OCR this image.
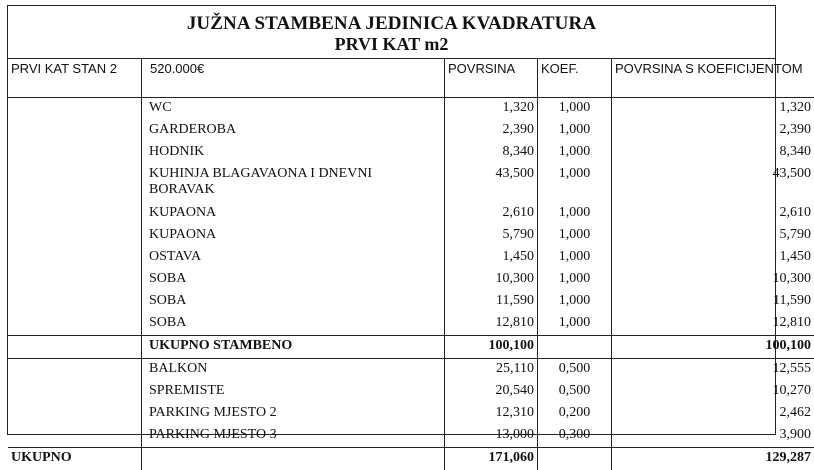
JUŽNA STAMBENA JEDINICA KVADRATURA
PRVI KAT m2
PRVI KAT STAN 2	520.000€	POVRSINA	KOEF.	POVRSINA S KOEFICIJENTOM
	WC	1,320	1,000	1,320
	GARDEROBA	2,390	1,000	2,390
	HODNIK	8,340	1,000	8,340
	KUHINJA BLAGAVAONA I DNEVNI BORAVAK	43,500	1,000	43,500
	KUPAONA	2,610	1,000	2,610
	KUPAONA	5,790	1,000	5,790
	OSTAVA	1,450	1,000	1,450
	SOBA	10,300	1,000	10,300
	SOBA	11,590	1,000	11,590
	SOBA	12,810	1,000	12,810
	UKUPNO STAMBENO	100,100		100,100
	BALKON	25,110	0,500	12,555
	SPREMISTE	20,540	0,500	10,270
	PARKING MJESTO 2	12,310	0,200	2,462
	PARKING MJESTO 3	13,000	0,300	3,900
UKUPNO		171,060		129,287
